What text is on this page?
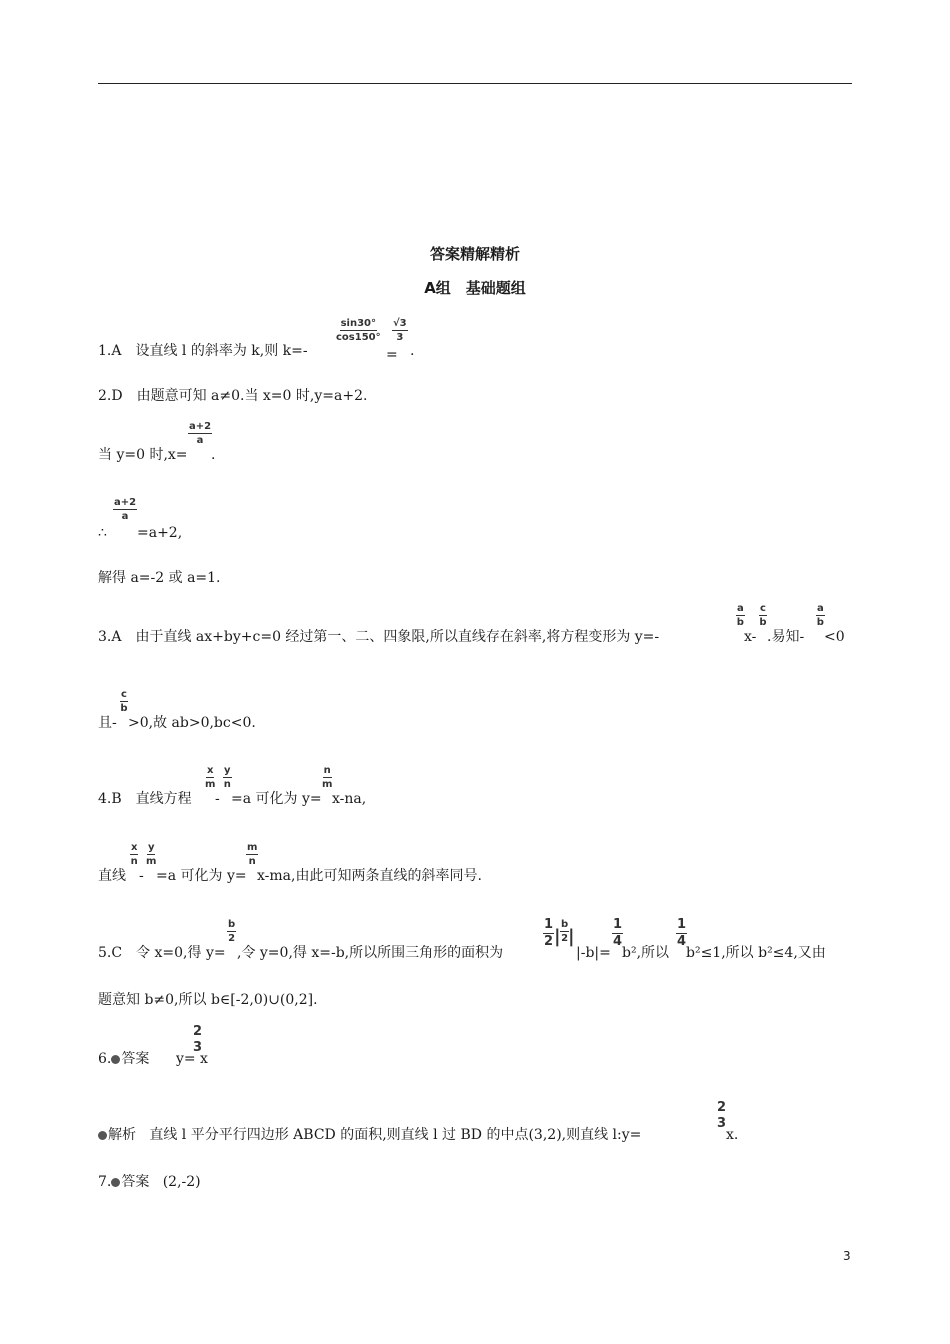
答案精解精析
A组　基础题组
1.A　设直线 l 的斜率为 k,则 k=-
$\frac{\sin 30^\circ}{\cos 150^\circ}$
=
$\frac{√3}{3}$
.
2.D　由题意可知 a≠0.当 x=0 时,y=a+2.
当 y=0 时,x=
$\frac{a+2}{a}$
.
∴
$\frac{a+2}{a}$
=a+2,
解得 a=-2 或 a=1.
3.A　由于直线 ax+by+c=0 经过第一、二、四象限,所以直线存在斜率,将方程变形为 y=-
$\frac{a}{b}$
x-
$\frac{c}{b}$
.易知-
$\frac{a}{b}$
<0
且-
$\frac{c}{b}$
>0,故 ab>0,bc<0.
4.B　直线方程
$\frac{x}{m}$
-
$\frac{y}{n}$
=a 可化为 y=
$\frac{n}{m}$
x-na,
直线
$\frac{x}{n}$
-
$\frac{y}{m}$
=a 可化为 y=
$\frac{m}{n}$
x-ma,由此可知两条直线的斜率同号.
5.C　令 x=0,得 y=
$\frac{b}{2}$
,令 y=0,得 x=-b,所以所围三角形的面积为
$\frac{1}{2}$ | $\frac{b}{2}$
|
|-b|=
$\frac{1}{4}$
b²,所以
$\frac{1}{4}$
b²≤1,所以 b²≤4,又由
题意知 b≠0,所以 b∈[-2,0)∪(0,2].
6. 答案 y=
2
3
x
解析 直线 l 平分平行四边形 ABCD 的面积,则直线 l 过 BD 的中点(3,2),则直线 l:y=
2
3
x.
7. 答案 (2,-2)
3
